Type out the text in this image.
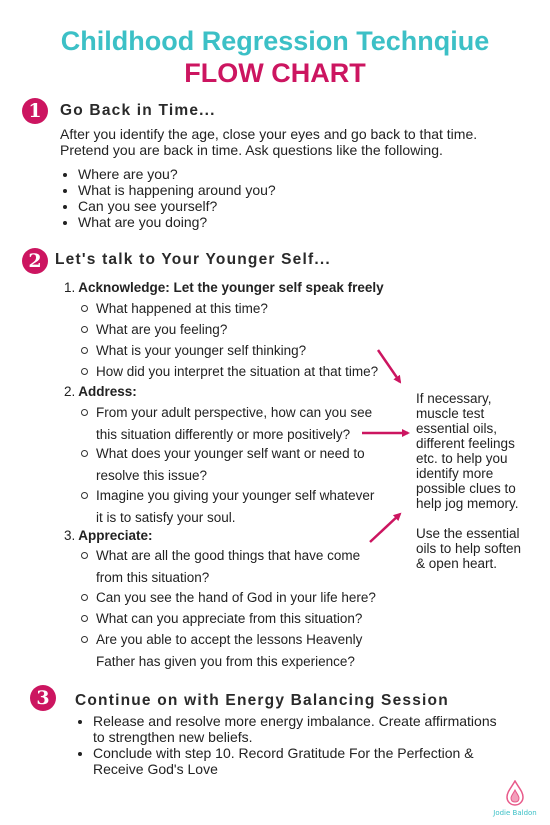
Childhood Regression Technqiue
FLOW CHART
1	Go Back in Time...
After you identify the age, close your eyes and go back to that time.
Pretend you are back in time. Ask questions like the following.
• Where are you?
• What is happening around you?
• Can you see yourself?
• What are you doing?
2 Let's talk to Your Younger Self...
1. Acknowledge: Let the younger self speak freely
What happened at this time?
What are you feeling?
What is your younger self thinking?
How did you interpret the situation at that time?
2. Address:
From your adult perspective, how can you see
this situation differently or more positively?
What does your younger self want or need to
resolve this issue?
Imagine you giving your younger self whatever
it is to satisfy your soul.
3. Appreciate:
What are all the good things that have come
from this situation?
Can you see the hand of God in your life here?
What can you appreciate from this situation?
Are you able to accept the lessons Heavenly
Father has given you from this experience?
If necessary,
muscle test
essential oils,
different feelings
etc. to help you
identify more
possible clues to
help jog memory.
Use the essential
oils to help soften
& open heart.
3	Continue on with Energy Balancing Session
• Release and resolve more energy imbalance. Create affirmations
to strengthen new beliefs.
• Conclude with step 10. Record Gratitude For the Perfection &
Receive God's Love
Jodie Baldon
